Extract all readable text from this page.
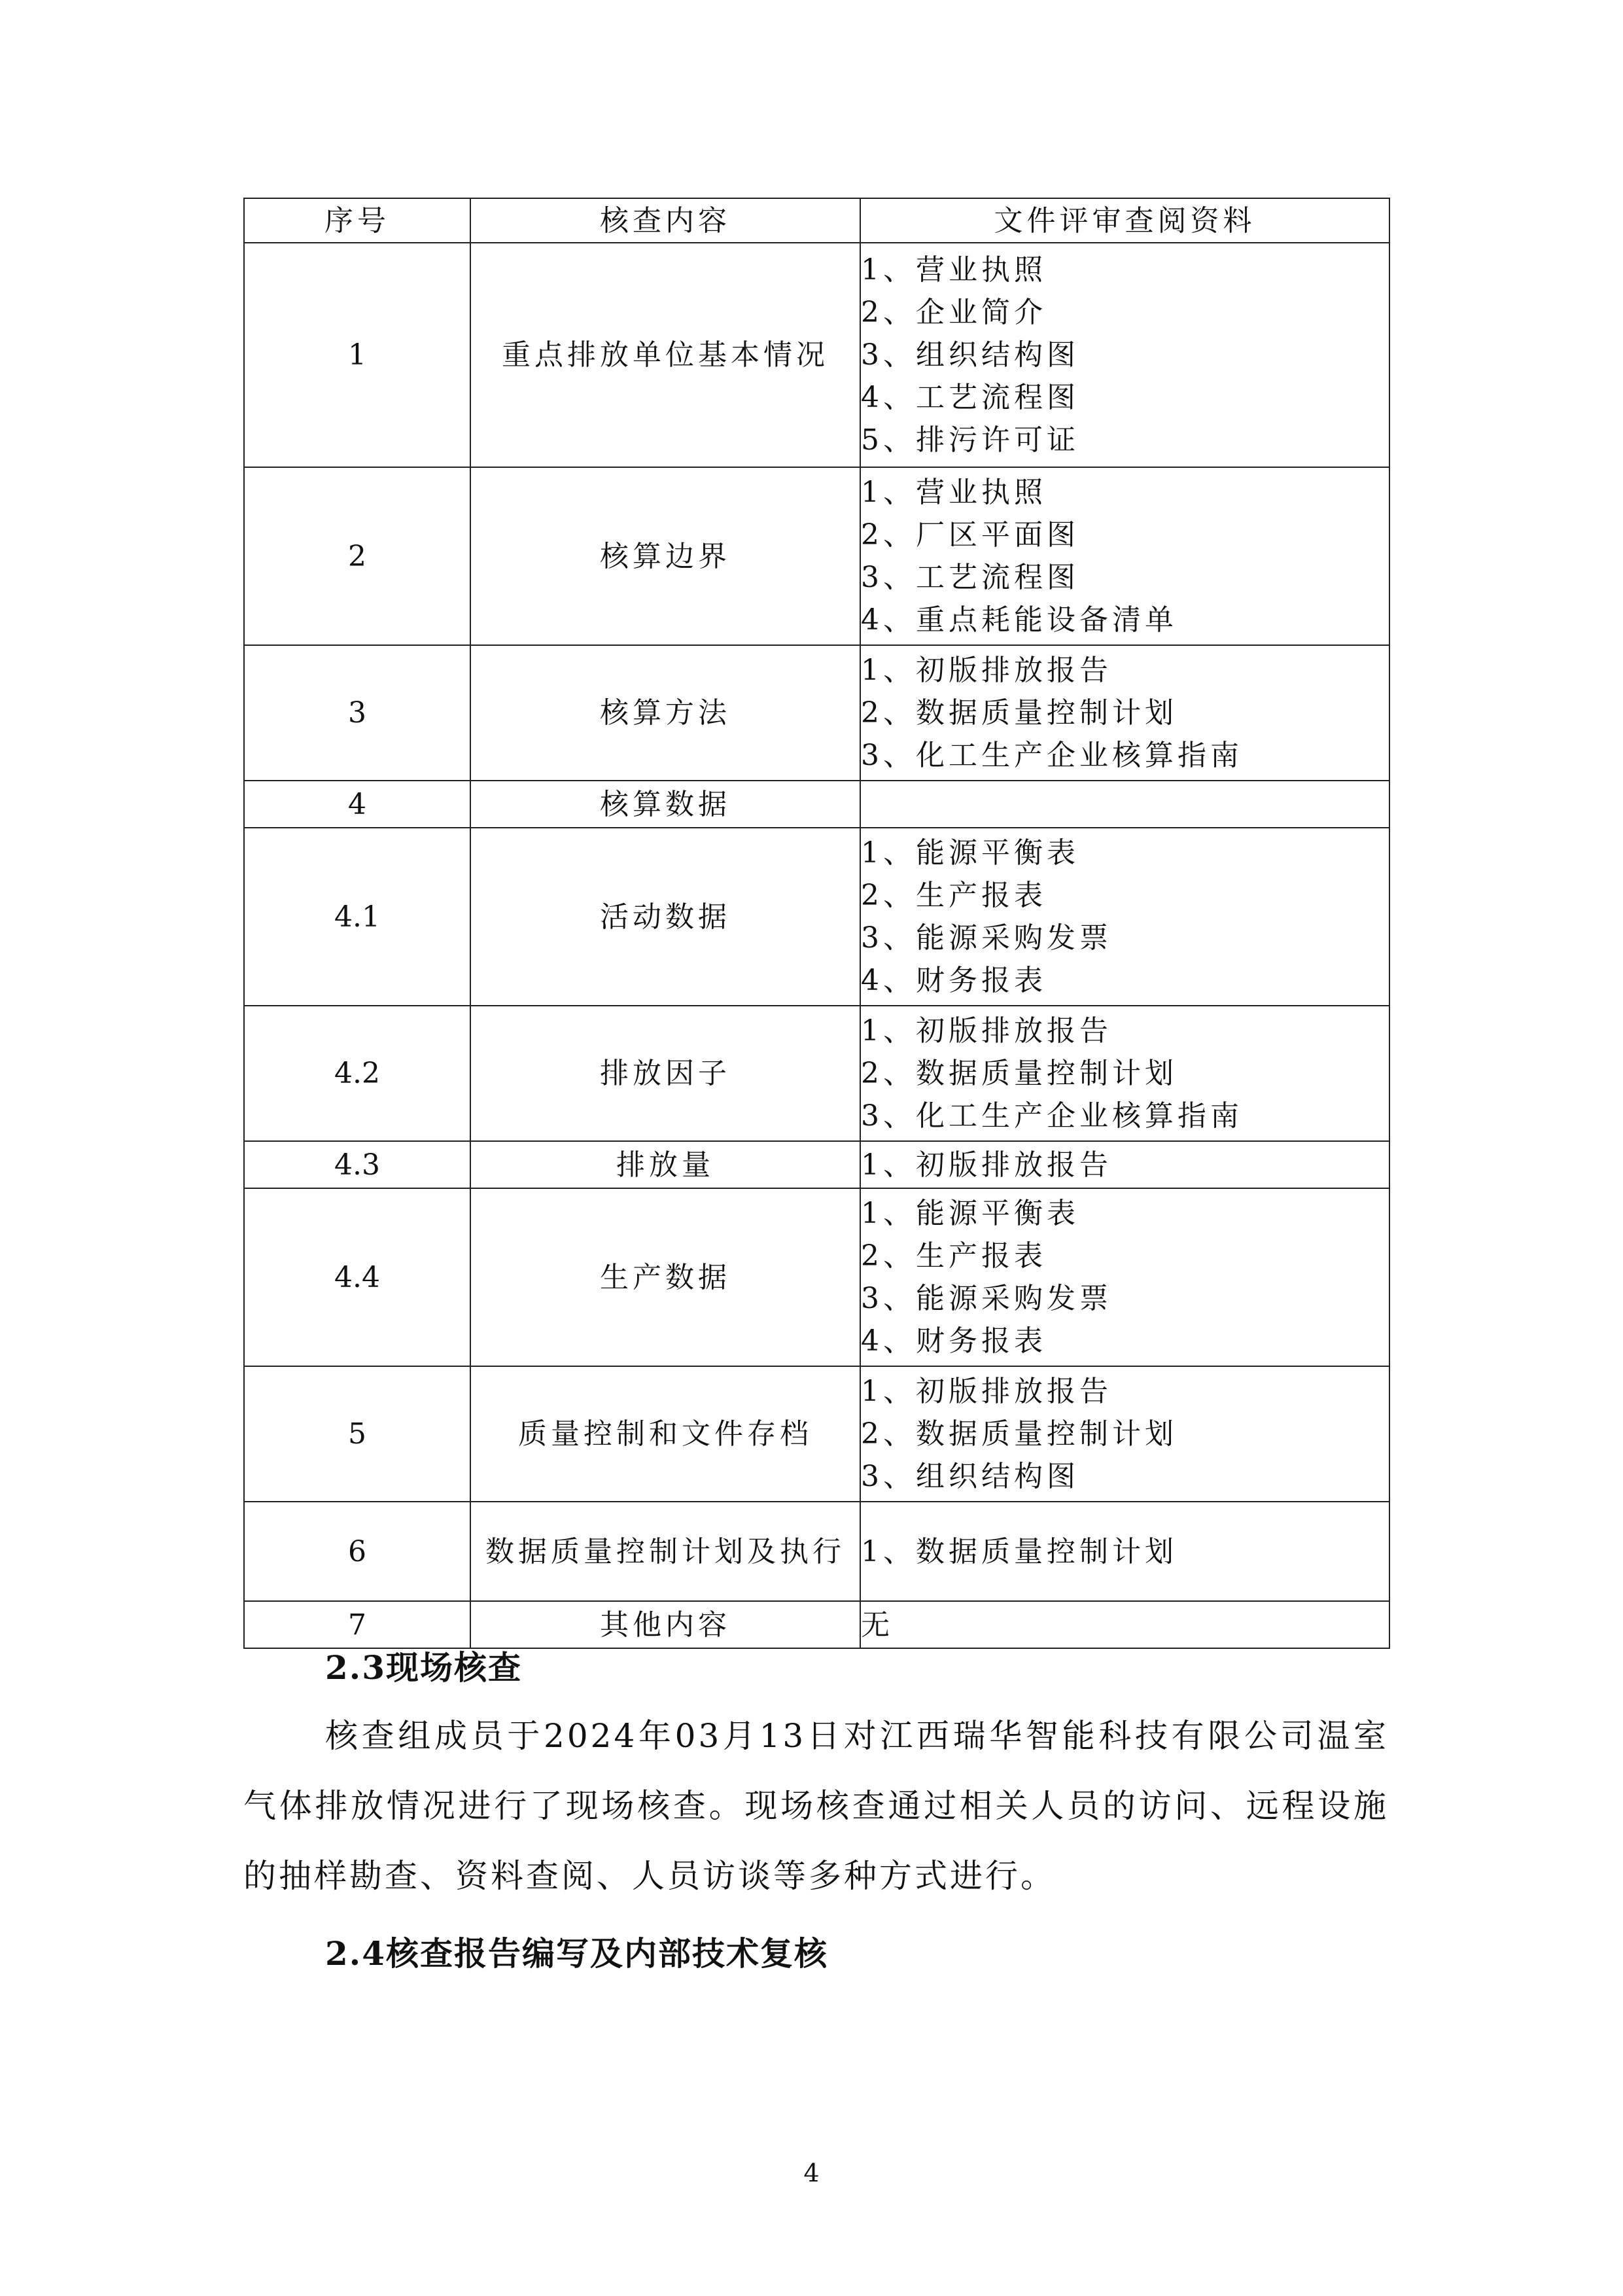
序号	核查内容	文件评审查阅资料
1	重点排放单位基本情况	1、营业执照
2、企业简介
3、组织结构图
4、工艺流程图
5、排污许可证

2	核算边界	1、营业执照
2、厂区平面图
3、工艺流程图
4、重点耗能设备清单

3	核算方法	1、初版排放报告
2、数据质量控制计划
3、化工生产企业核算指南

4	核算数据	
4.1	活动数据	1、能源平衡表
2、生产报表
3、能源采购发票
4、财务报表

4.2	排放因子	1、初版排放报告
2、数据质量控制计划
3、化工生产企业核算指南

4.3	排放量	1、初版排放报告

4.4	生产数据	1、能源平衡表
2、生产报表
3、能源采购发票
4、财务报表

5	质量控制和文件存档	1、初版排放报告
2、数据质量控制计划
3、组织结构图

6	数据质量控制计划及执行	1、数据质量控制计划

7	其他内容	无
2.3现场核查
核查组成员于2024年03月13日对江西瑞华智能科技有限公司温室气体排放情况进行了现场核查。现场核查通过相关人员的访问、远程设施的抽样勘查、资料查阅、人员访谈等多种方式进行。
2.4核查报告编写及内部技术复核
4
